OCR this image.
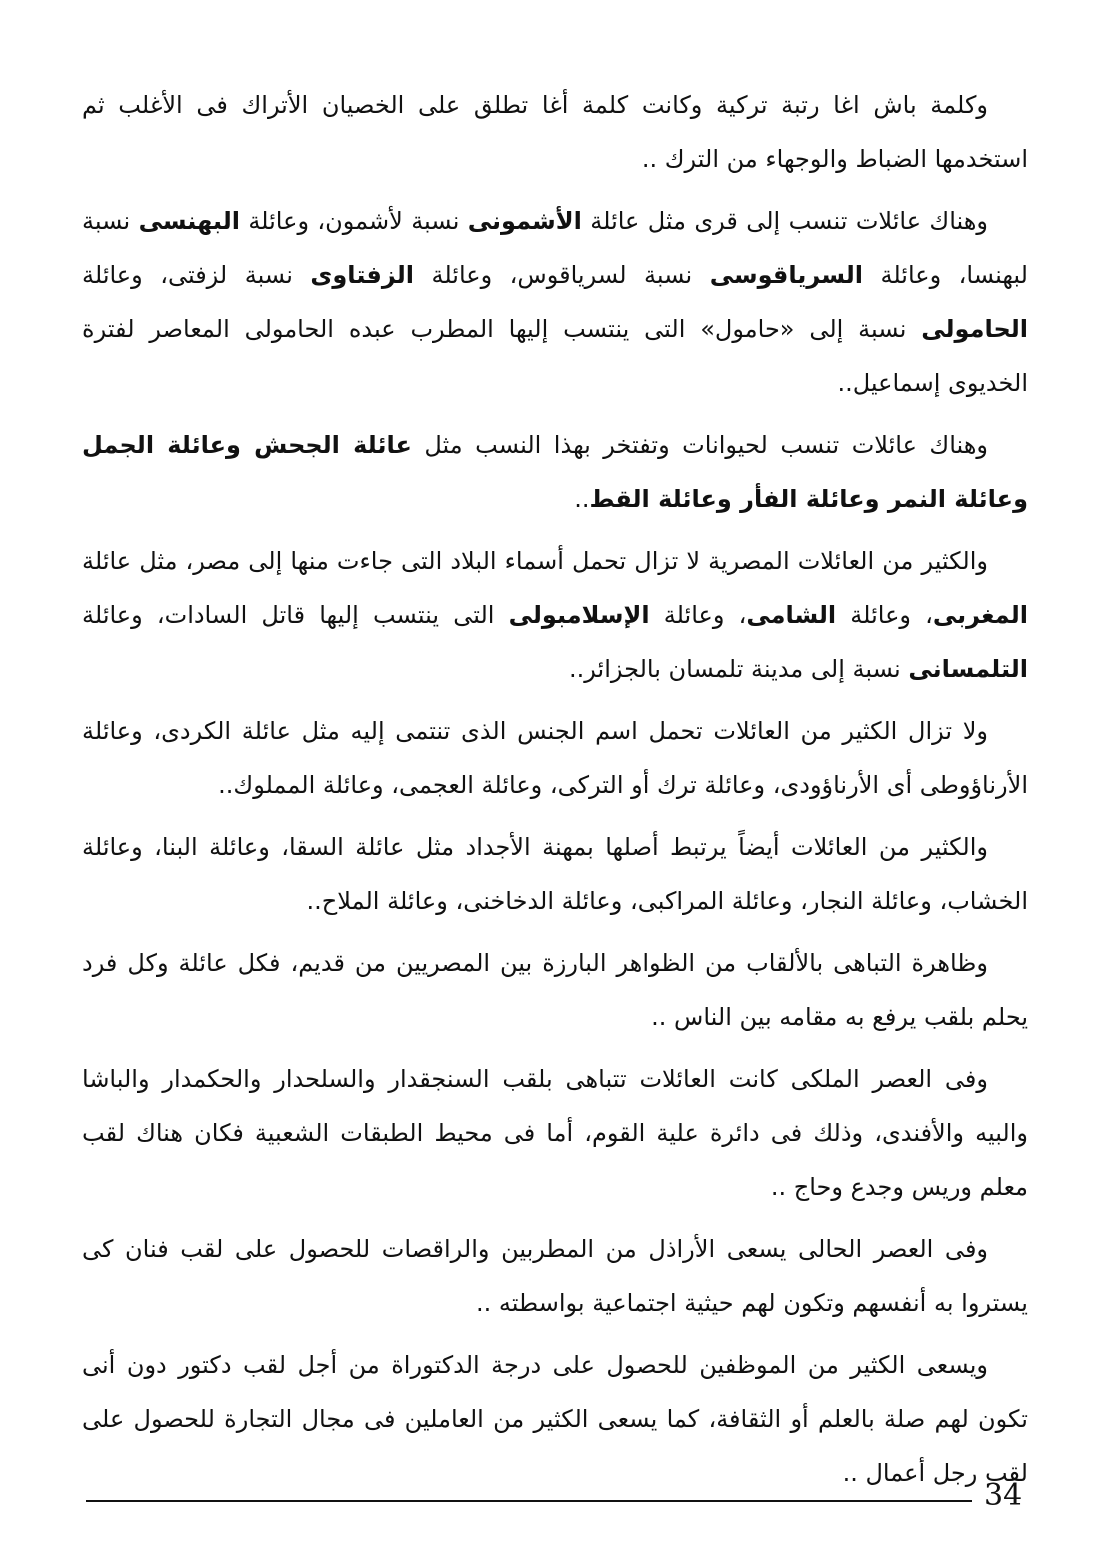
وكلمة باش اغا رتبة تركية وكانت كلمة أغا تطلق على الخصيان الأتراك فى الأغلب ثم استخدمها الضباط والوجهاء من الترك ..

وهناك عائلات تنسب إلى قرى مثل عائلة الأشمونى نسبة لأشمون، وعائلة البهنسى نسبة لبهنسا، وعائلة السرياقوسى نسبة لسرياقوس، وعائلة الزفتاوى نسبة لزفتى، وعائلة الحامولى نسبة إلى «حامول» التى ينتسب إليها المطرب عبده الحامولى المعاصر لفترة الخديوى إسماعيل..

وهناك عائلات تنسب لحيوانات وتفتخر بهذا النسب مثل عائلة الجحش وعائلة الجمل وعائلة النمر وعائلة الفأر وعائلة القط..

والكثير من العائلات المصرية لا تزال تحمل أسماء البلاد التى جاءت منها إلى مصر، مثل عائلة المغربى، وعائلة الشامى، وعائلة الإسلامبولى التى ينتسب إليها قاتل السادات، وعائلة التلمسانى نسبة إلى مدينة تلمسان بالجزائر..

ولا تزال الكثير من العائلات تحمل اسم الجنس الذى تنتمى إليه مثل عائلة الكردى، وعائلة الأرناؤوطى أى الأرناؤودى، وعائلة ترك أو التركى، وعائلة العجمى، وعائلة المملوك..

والكثير من العائلات أيضاً يرتبط أصلها بمهنة الأجداد مثل عائلة السقا، وعائلة البنا، وعائلة الخشاب، وعائلة النجار، وعائلة المراكبى، وعائلة الدخاخنى، وعائلة الملاح..

وظاهرة التباهى بالألقاب من الظواهر البارزة بين المصريين من قديم، فكل عائلة وكل فرد يحلم بلقب يرفع به مقامه بين الناس ..

وفى العصر الملكى كانت العائلات تتباهى بلقب السنجقدار والسلحدار والحكمدار والباشا والبيه والأفندى، وذلك فى دائرة علية القوم، أما فى محيط الطبقات الشعبية فكان هناك لقب معلم وريس وجدع وحاج ..

وفى العصر الحالى يسعى الأراذل من المطربين والراقصات للحصول على لقب فنان كى يستروا به أنفسهم وتكون لهم حيثية اجتماعية بواسطته ..

ويسعى الكثير من الموظفين للحصول على درجة الدكتوراة من أجل لقب دكتور دون أنى تكون لهم صلة بالعلم أو الثقافة، كما يسعى الكثير من العاملين فى مجال التجارة للحصول على لقب رجل أعمال ..

34
